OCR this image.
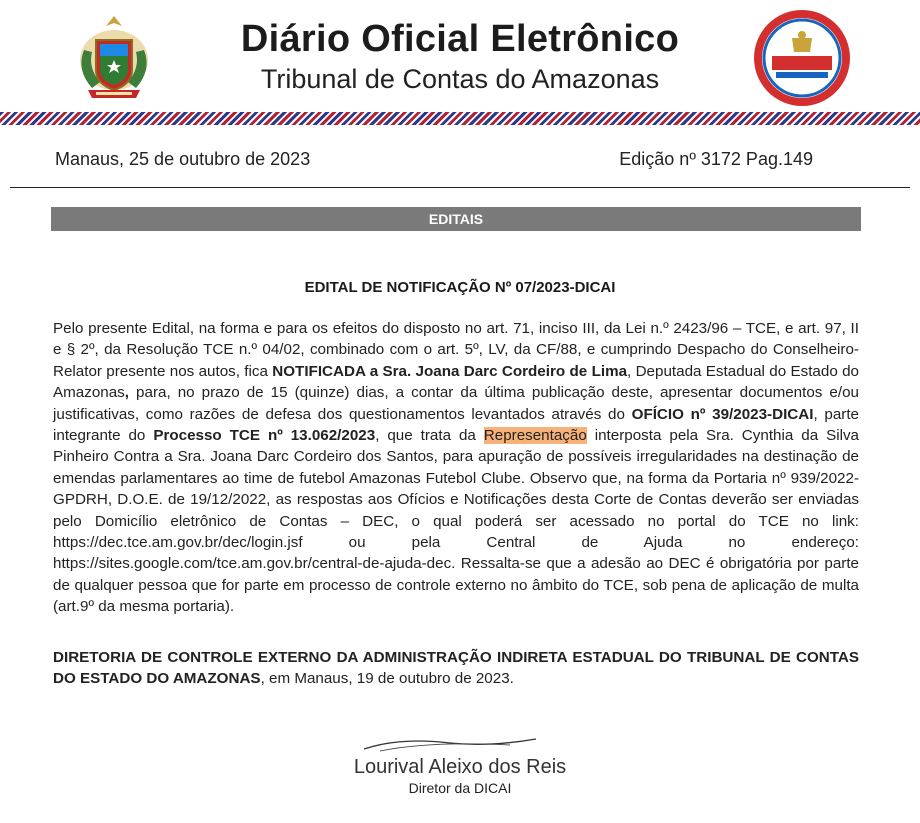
Diário Oficial Eletrônico
Tribunal de Contas do Amazonas
Manaus, 25 de outubro de 2023	Edição nº 3172 Pag.149
EDITAIS
EDITAL DE NOTIFICAÇÃO Nº 07/2023-DICAI
Pelo presente Edital, na forma e para os efeitos do disposto no art. 71, inciso III, da Lei n.º 2423/96 – TCE, e art. 97, II e § 2º, da Resolução TCE n.º 04/02, combinado com o art. 5º, LV, da CF/88, e cumprindo Despacho do Conselheiro-Relator presente nos autos, fica NOTIFICADA a Sra. Joana Darc Cordeiro de Lima, Deputada Estadual do Estado do Amazonas, para, no prazo de 15 (quinze) dias, a contar da última publicação deste, apresentar documentos e/ou justificativas, como razões de defesa dos questionamentos levantados através do OFÍCIO nº 39/2023-DICAI, parte integrante do Processo TCE nº 13.062/2023, que trata da Representação interposta pela Sra. Cynthia da Silva Pinheiro Contra a Sra. Joana Darc Cordeiro dos Santos, para apuração de possíveis irregularidades na destinação de emendas parlamentares ao time de futebol Amazonas Futebol Clube. Observo que, na forma da Portaria nº 939/2022-GPDRH, D.O.E. de 19/12/2022, as respostas aos Ofícios e Notificações desta Corte de Contas deverão ser enviadas pelo Domicílio eletrônico de Contas – DEC, o qual poderá ser acessado no portal do TCE no link: https://dec.tce.am.gov.br/dec/login.jsf ou pela Central de Ajuda no endereço: https://sites.google.com/tce.am.gov.br/central-de-ajuda-dec. Ressalta-se que a adesão ao DEC é obrigatória por parte de qualquer pessoa que for parte em processo de controle externo no âmbito do TCE, sob pena de aplicação de multa (art.9º da mesma portaria).
DIRETORIA DE CONTROLE EXTERNO DA ADMINISTRAÇÃO INDIRETA ESTADUAL DO TRIBUNAL DE CONTAS DO ESTADO DO AMAZONAS, em Manaus, 19 de outubro de 2023.
Lourival Aleixo dos Reis
Diretor da DICAI
